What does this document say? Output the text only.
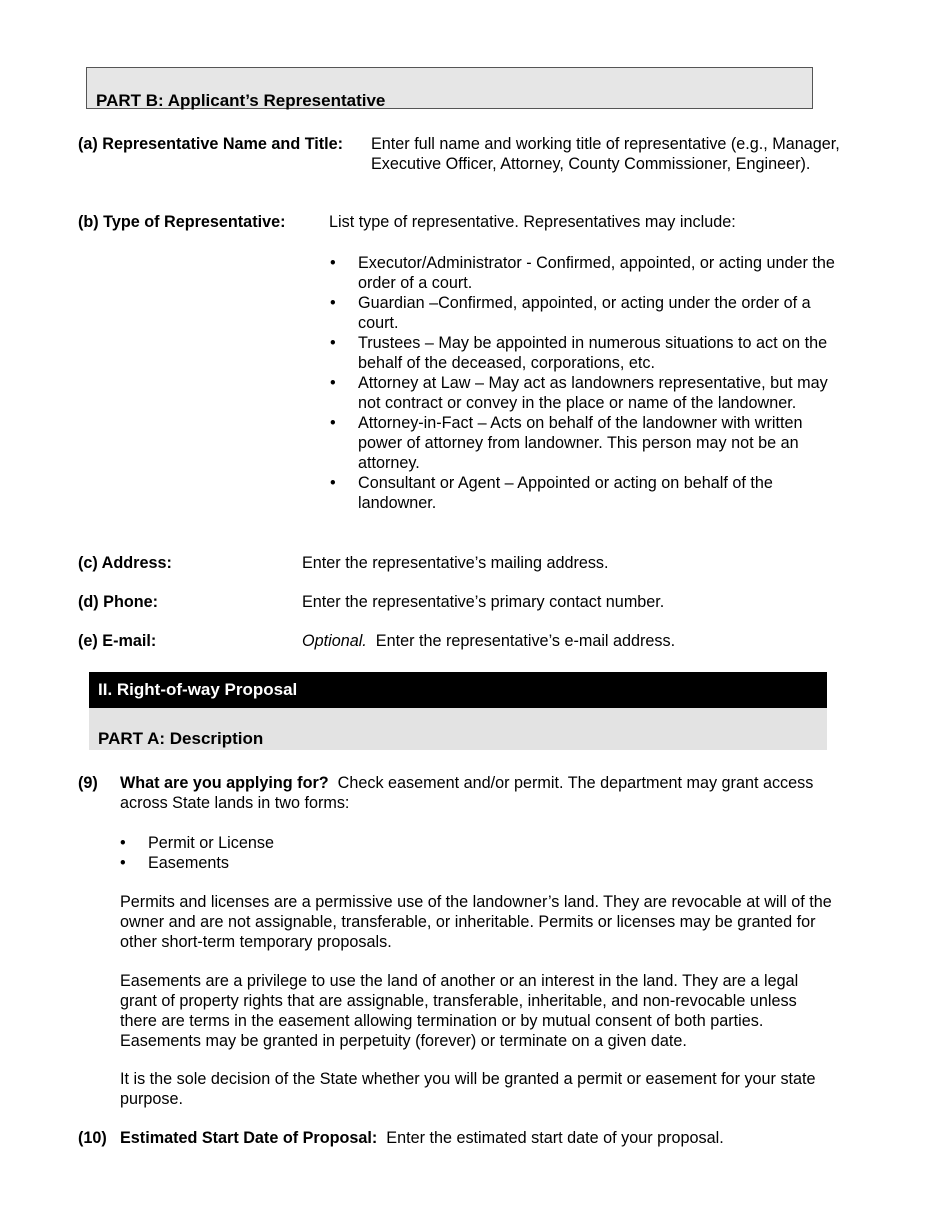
PART B: Applicant’s Representative
(a) Representative Name and Title: Enter full name and working title of representative (e.g., Manager, Executive Officer, Attorney, County Commissioner, Engineer).
(b) Type of Representative:	List type of representative. Representatives may include:
• Executor/Administrator - Confirmed, appointed, or acting under the order of a court.
• Guardian –Confirmed, appointed, or acting under the order of a court.
• Trustees – May be appointed in numerous situations to act on the behalf of the deceased, corporations, etc.
• Attorney at Law – May act as landowners representative, but may not contract or convey in the place or name of the landowner.
• Attorney-in-Fact – Acts on behalf of the landowner with written power of attorney from landowner. This person may not be an attorney.
• Consultant or Agent – Appointed or acting on behalf of the landowner.
(c) Address:	Enter the representative’s mailing address.
(d) Phone:	Enter the representative’s primary contact number.
(e) E-mail:	Optional. Enter the representative’s e-mail address.
II. Right-of-way Proposal
PART A: Description
(9) What are you applying for? Check easement and/or permit. The department may grant access across State lands in two forms:
• Permit or License
• Easements

Permits and licenses are a permissive use of the landowner’s land. They are revocable at will of the owner and are not assignable, transferable, or inheritable. Permits or licenses may be granted for other short-term temporary proposals.

Easements are a privilege to use the land of another or an interest in the land. They are a legal grant of property rights that are assignable, transferable, inheritable, and non-revocable unless there are terms in the easement allowing termination or by mutual consent of both parties. Easements may be granted in perpetuity (forever) or terminate on a given date.

It is the sole decision of the State whether you will be granted a permit or easement for your state purpose.

(10) Estimated Start Date of Proposal: Enter the estimated start date of your proposal.
